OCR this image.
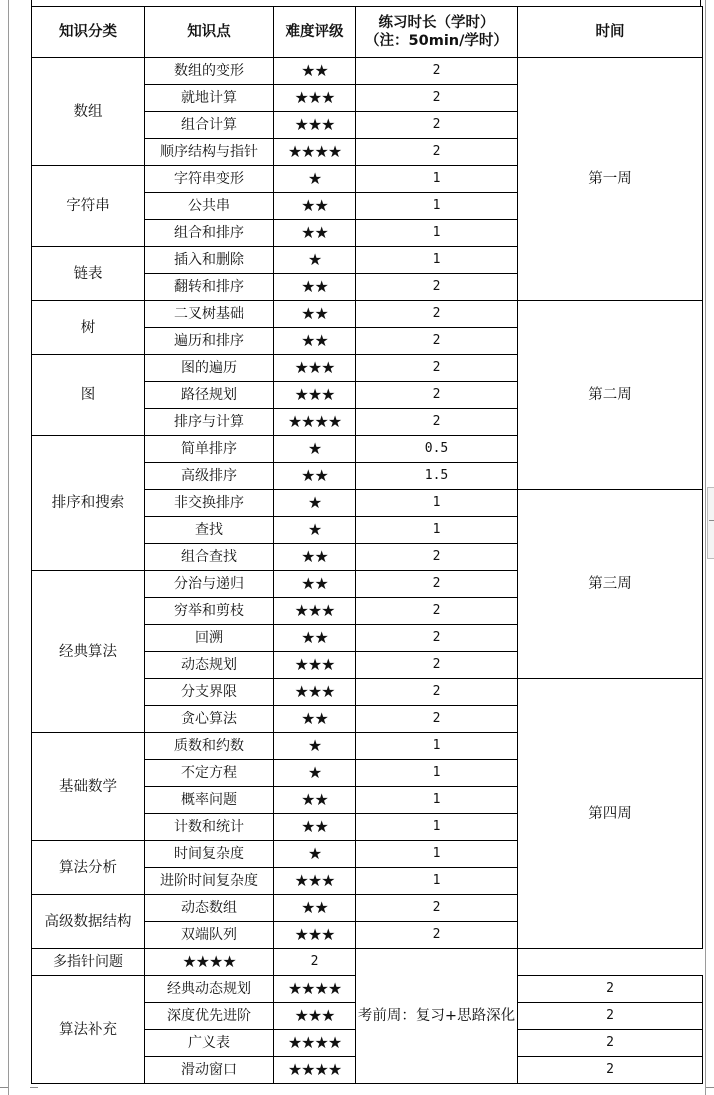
知识分类	知识点	难度评级	练习时长（学时）
（注：50min/学时）	时间
数组	数组的变形	★★	2	第一周
	就地计算	★★★	2	
	组合计算	★★★	2	
	顺序结构与指针	★★★★	2	
字符串	字符串变形	★	1	
	公共串	★★	1	
	组合和排序	★★	1	
链表	插入和删除	★	1	
	翻转和排序	★★	2	
树	二叉树基础	★★	2	第二周
	遍历和排序	★★	2	
图	图的遍历	★★★	2	
	路径规划	★★★	2	
	排序与计算	★★★★	2	
排序和搜索	简单排序	★	0.5	
	高级排序	★★	1.5	
	非交换排序	★	1	第三周
	查找	★	1	
	组合查找	★★	2	
经典算法	分治与递归	★★	2	
	穷举和剪枝	★★★	2	
	回溯	★★	2	
	动态规划	★★★	2	
	分支界限	★★★	2	第四周
	贪心算法	★★	2	
基础数学	质数和约数	★	1	
	不定方程	★	1	
	概率问题	★★	1	
	计数和统计	★★	1	
算法分析	时间复杂度	★	1	
	进阶时间复杂度	★★★	1	
高级数据结构	动态数组	★★	2	
	双端队列	★★★	2	
多指针问题	★★★★	2	考前周：复习+思路深化	
算法补充	经典动态规划	★★★★		2
	深度优先进阶	★★★		2
	广义表	★★★★		2
	滑动窗口	★★★★		2
